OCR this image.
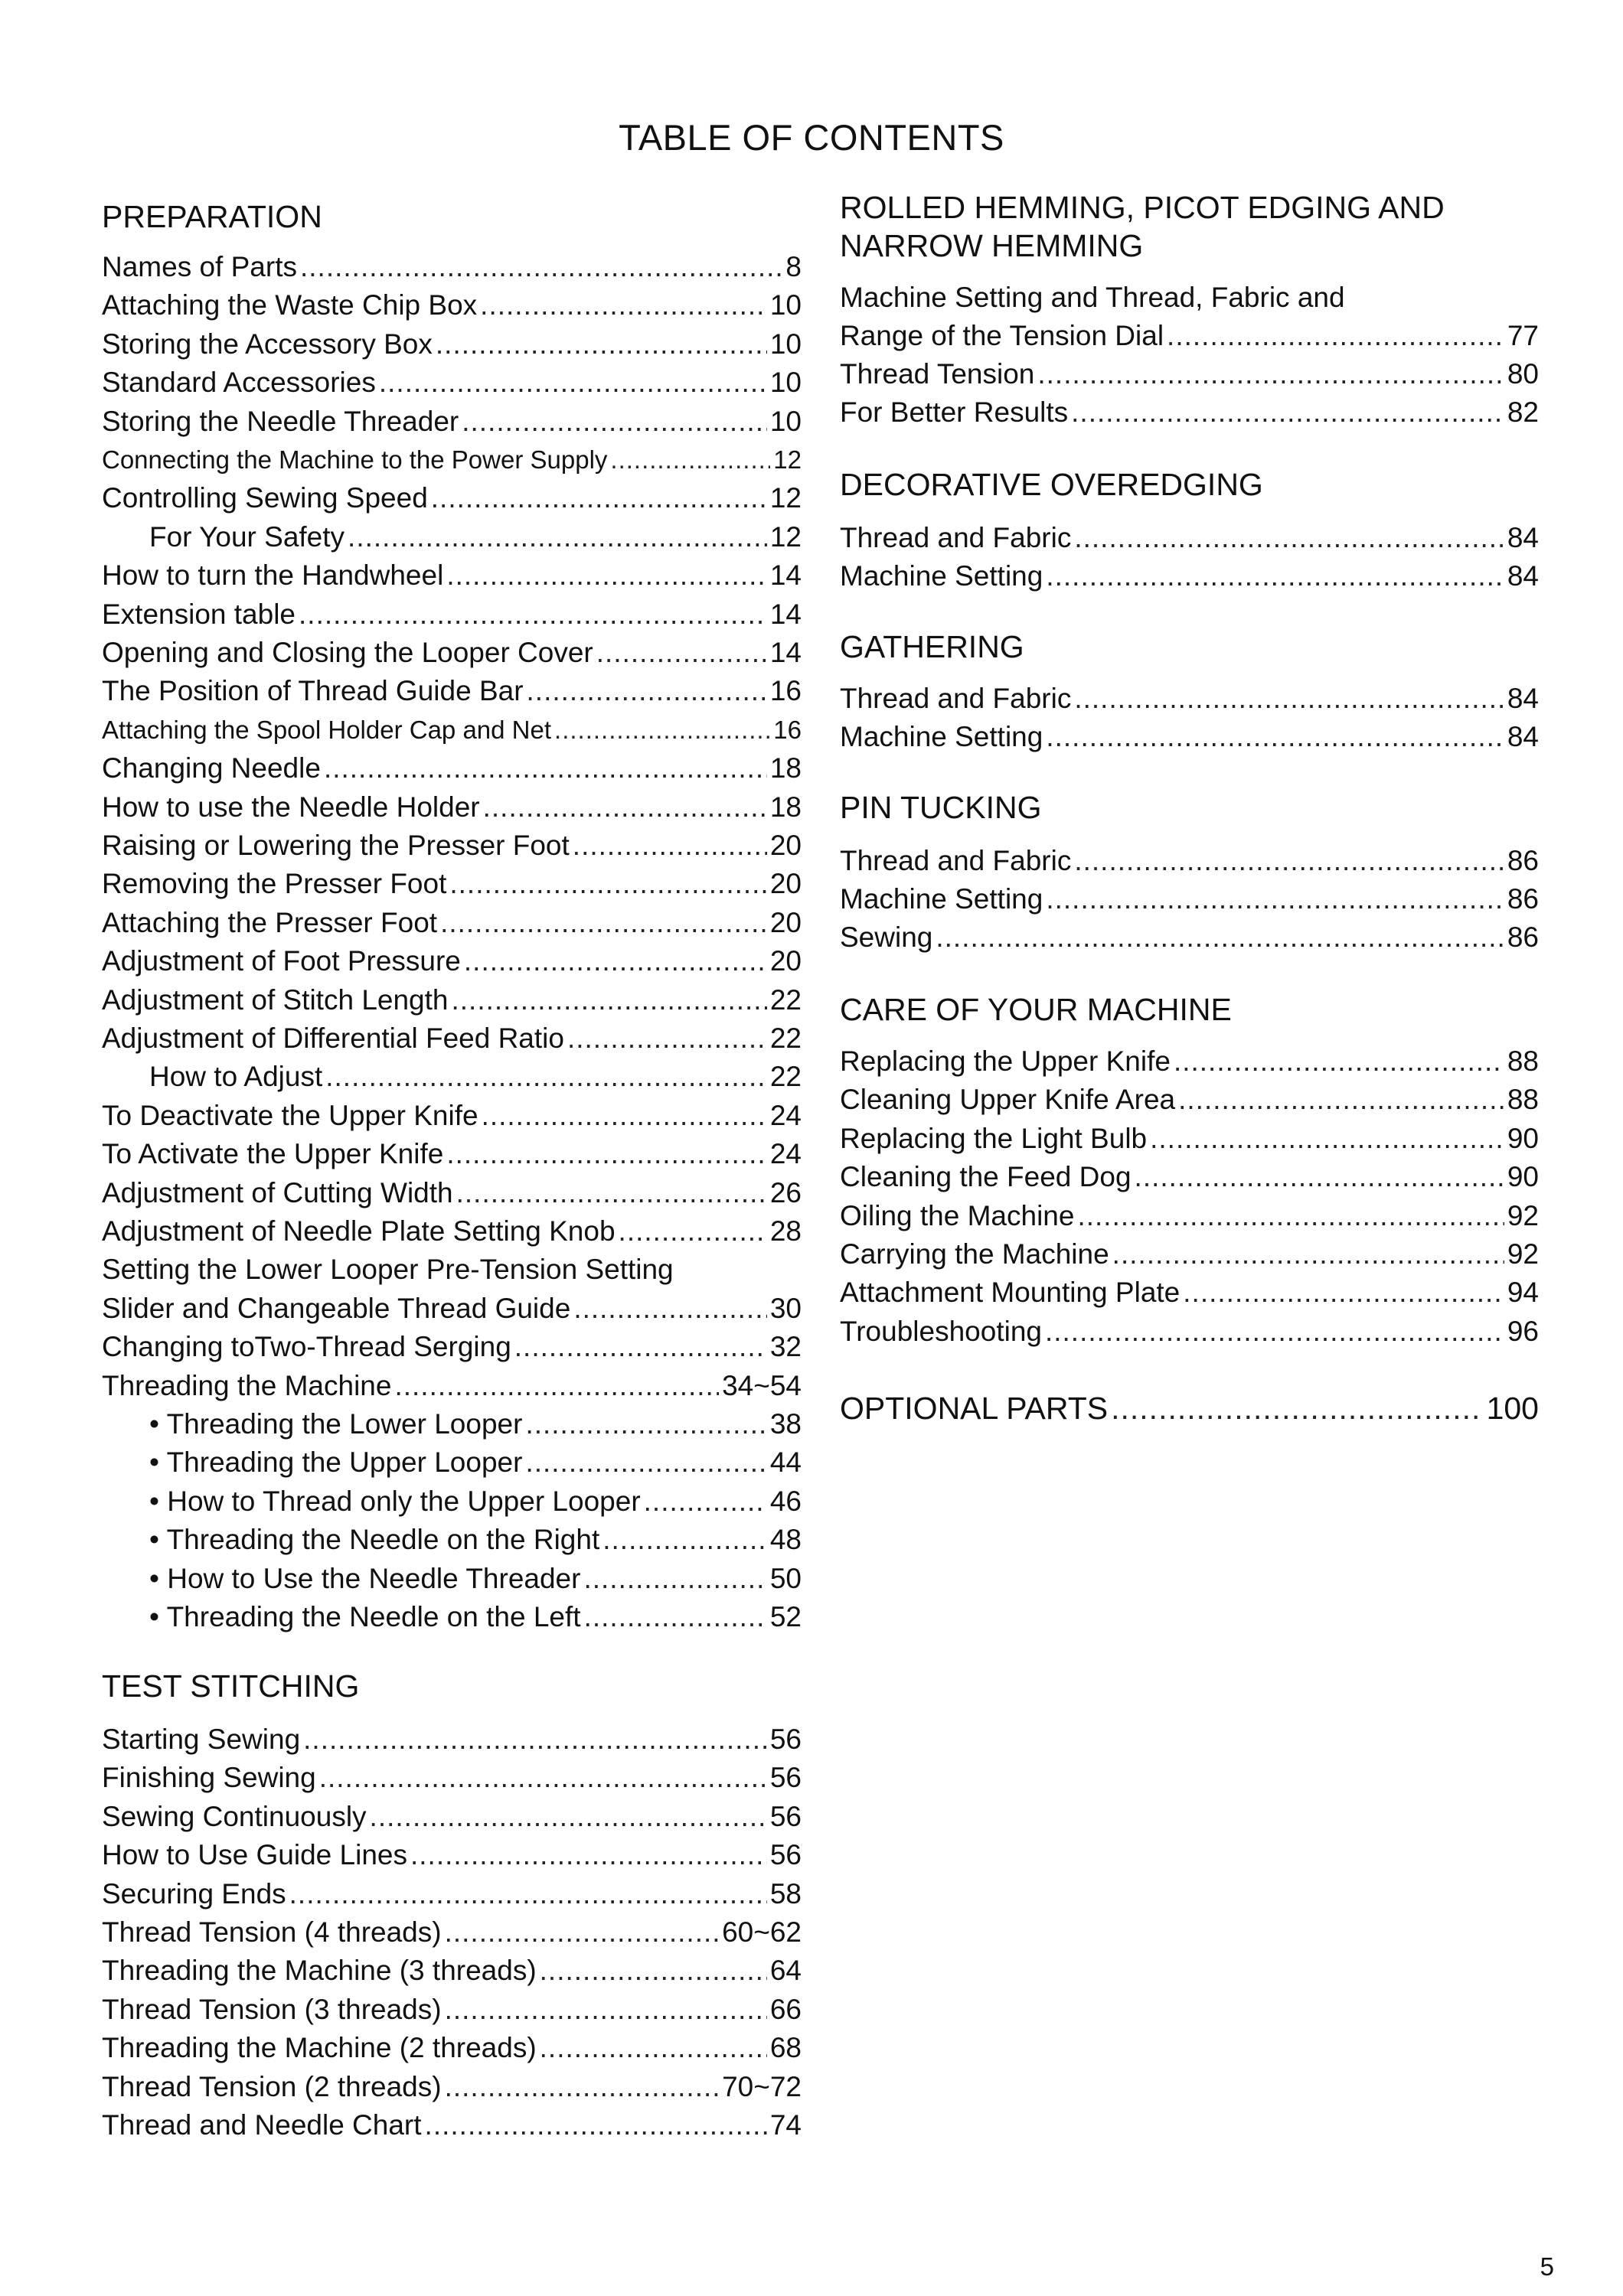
TABLE OF CONTENTS
PREPARATION
Names of Parts .....	8
Attaching the Waste Chip Box .....	10
Storing the Accessory Box .....	10
Standard Accessories .....	10
Storing the Needle Threader .....	10
Connecting the Machine to the Power Supply .....	12
Controlling Sewing Speed .....	12
For Your Safety .....	12
How to turn the Handwheel .....	14
Extension table .....	14
Opening and Closing the Looper Cover .....	14
The Position of Thread Guide Bar .....	16
Attaching the Spool Holder Cap and Net .....	16
Changing Needle .....	18
How to use the Needle Holder .....	18
Raising or Lowering the Presser Foot .....	20
Removing the Presser Foot .....	20
Attaching the Presser Foot .....	20
Adjustment of Foot Pressure .....	20
Adjustment of Stitch Length .....	22
Adjustment of Differential Feed Ratio .....	22
How to Adjust .....	22
To Deactivate the Upper Knife .....	24
To Activate the Upper Knife .....	24
Adjustment of Cutting Width .....	26
Adjustment of Needle Plate Setting Knob .....	28
Setting the Lower Looper Pre-Tension Setting
Slider and Changeable Thread Guide .....	30
Changing toTwo-Thread Serging .....	32
Threading the Machine .....	34~54
• Threading the Lower Looper .....	38
• Threading the Upper Looper .....	44
• How to Thread only the Upper Looper .....	46
• Threading the Needle on the Right .....	48
• How to Use the Needle Threader .....	50
• Threading the Needle on the Left .....	52
TEST STITCHING
Starting Sewing .....	56
Finishing Sewing .....	56
Sewing Continuously .....	56
How to Use Guide Lines .....	56
Securing Ends .....	58
Thread Tension (4 threads) .....	60~62
Threading the Machine (3 threads) .....	64
Thread Tension (3 threads) .....	66
Threading the Machine (2 threads) .....	68
Thread Tension (2 threads) .....	70~72
Thread and Needle Chart .....	74
ROLLED HEMMING, PICOT EDGING AND
NARROW HEMMING
Machine Setting and Thread, Fabric and
Range of the Tension Dial .....	77
Thread Tension .....	80
For Better Results .....	82
DECORATIVE OVEREDGING
Thread and Fabric .....	84
Machine Setting .....	84
GATHERING
Thread and Fabric .....	84
Machine Setting .....	84
PIN TUCKING
Thread and Fabric .....	86
Machine Setting .....	86
Sewing .....	86
CARE OF YOUR MACHINE
Replacing the Upper Knife .....	88
Cleaning Upper Knife Area .....	88
Replacing the Light Bulb .....	90
Cleaning the Feed Dog .....	90
Oiling the Machine .....	92
Carrying the Machine .....	92
Attachment Mounting Plate .....	94
Troubleshooting .....	96
OPTIONAL PARTS .....	100
5
